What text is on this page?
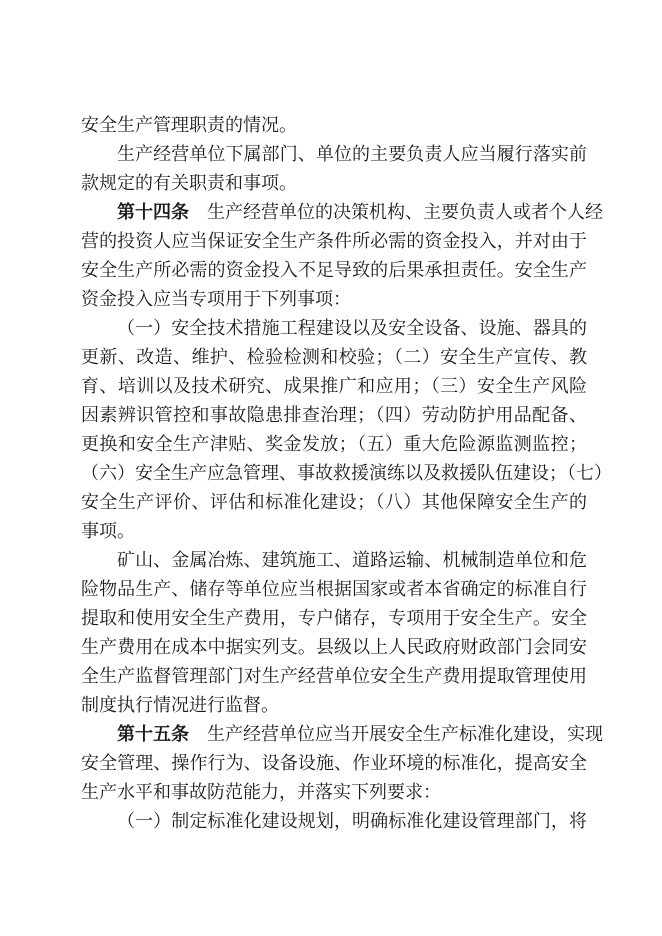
安全生产管理职责的情况。
生产经营单位下属部门、单位的主要负责人应当履行落实前
款规定的有关职责和事项。
第十四条 生产经营单位的决策机构、主要负责人或者个人经
营的投资人应当保证安全生产条件所必需的资金投入，并对由于
安全生产所必需的资金投入不足导致的后果承担责任。安全生产
资金投入应当专项用于下列事项：
（一）安全技术措施工程建设以及安全设备、设施、器具的
更新、改造、维护、检验检测和校验；（二）安全生产宣传、教
育、培训以及技术研究、成果推广和应用；（三）安全生产风险
因素辨识管控和事故隐患排查治理；（四）劳动防护用品配备、
更换和安全生产津贴、奖金发放；（五）重大危险源监测监控；
（六）安全生产应急管理、事故救援演练以及救援队伍建设；（七）
安全生产评价、评估和标准化建设；（八）其他保障安全生产的
事项。
矿山、金属冶炼、建筑施工、道路运输、机械制造单位和危
险物品生产、储存等单位应当根据国家或者本省确定的标准自行
提取和使用安全生产费用，专户储存，专项用于安全生产。安全
生产费用在成本中据实列支。县级以上人民政府财政部门会同安
全生产监督管理部门对生产经营单位安全生产费用提取管理使用
制度执行情况进行监督。
第十五条 生产经营单位应当开展安全生产标准化建设，实现
安全管理、操作行为、设备设施、作业环境的标准化，提高安全
生产水平和事故防范能力，并落实下列要求：
（一）制定标准化建设规划，明确标准化建设管理部门，将
